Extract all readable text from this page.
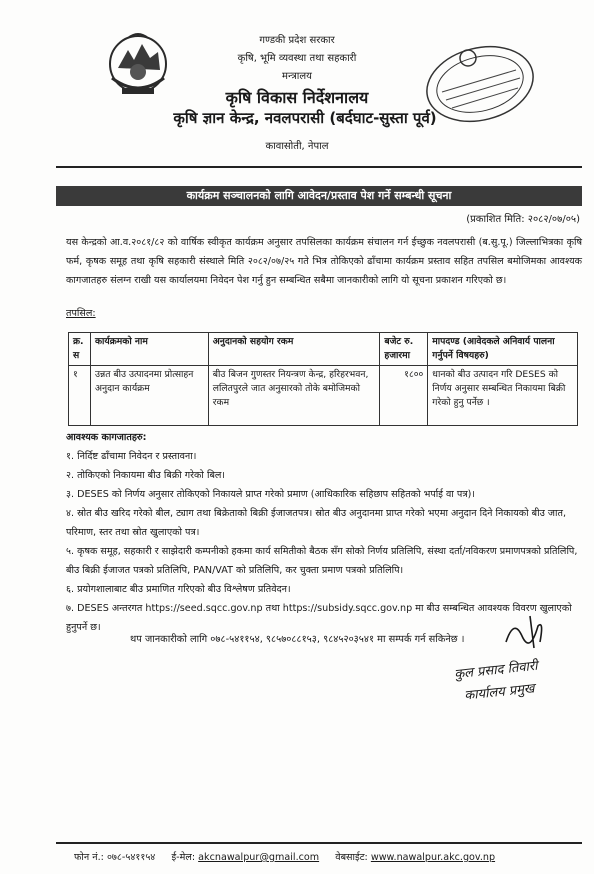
गण्डकी प्रदेश सरकार
कृषि, भूमि व्यवस्था तथा सहकारी
मन्त्रालय
कृषि विकास निर्देशनालय
कृषि ज्ञान केन्द्र, नवलपरासी (बर्दघाट-सुस्ता पूर्व)
कावासोती, नेपाल
कार्यक्रम सञ्चालनको लागि आवेदन/प्रस्ताव पेश गर्ने सम्बन्धी सूचना
(प्रकाशित मिति: २०८२/०७/०५)
यस केन्द्रको आ.व.२०८१/८२ को वार्षिक स्वीकृत कार्यक्रम अनुसार तपसिलका कार्यक्रम संचालन गर्न ईच्छुक नवलपरासी (ब.सु.पू.) जिल्लाभित्रका कृषि फर्म, कृषक समूह तथा कृषि सहकारी संस्थाले मिति २०८२/०७/२५ गते भित्र तोकिएको ढाँचामा कार्यक्रम प्रस्ताव सहित तपसिल बमोजिमका आवश्यक कागजातहरु संलग्न राखी यस कार्यालयमा निवेदन पेश गर्नु हुन सम्बन्धित सबैमा जानकारीको लागि यो सूचना प्रकाशन गरिएको छ।
तपसिल:
क्र. स	कार्यक्रमको नाम	अनुदानको सहयोग रकम	बजेट रु. हजारमा	मापदण्ड (आवेदकले अनिवार्य पालना गर्नुपर्ने विषयहरु)
१	उन्नत बीउ उत्पादनमा प्रोत्साहन अनुदान कार्यक्रम	बीउ बिजन गुणस्तर नियन्त्रण केन्द्र, हरिहरभवन, ललितपुरले जात अनुसारको तोके बमोजिमको रकम	१८००	धानको बीउ उत्पादन गरि DESES को निर्णय अनुसार सम्बन्धित निकायमा बिक्री गरेको हुनु पर्नेछ ।
आवश्यक कागजातहरु:
१. निर्दिष्ट ढाँचामा निवेदन र प्रस्तावना।
२. तोकिएको निकायमा बीउ बिक्री गरेको बिल।
३. DESES को निर्णय अनुसार तोकिएको निकायले प्राप्त गरेको प्रमाण (आधिकारिक सहिछाप सहितको भर्पाई वा पत्र)।
४. स्रोत बीउ खरिद गरेको बील, ट्याग तथा बिक्रेताको बिक्री ईजाजतपत्र। स्रोत बीउ अनुदानमा प्राप्त गरेको भएमा अनुदान दिने निकायको बीउ जात, परिमाण, स्तर तथा स्रोत खुलाएको पत्र।
५. कृषक समूह, सहकारी र साझेदारी कम्पनीको हकमा कार्य समितीको बैठक सँग सोको निर्णय प्रतिलिपि, संस्था दर्ता/नविकरण प्रमाणपत्रको प्रतिलिपि, बीउ बिक्री ईजाजत पत्रको प्रतिलिपि, PAN/VAT को प्रतिलिपि, कर चुक्ता प्रमाण पत्रको प्रतिलिपि।
६. प्रयोगशालाबाट बीउ प्रमाणित गरिएको बीउ विश्लेषण प्रतिवेदन।
७. DESES अन्तरगत https://seed.sqcc.gov.np तथा https://subsidy.sqcc.gov.np मा बीउ सम्बन्धित आवश्यक विवरण खुलाएको हुनुपर्ने छ।
थप जानकारीको लागि ०७८-५४११५४, ९८५७०८८१५३, ९८४५२०३५४१ मा सम्पर्क गर्न सकिनेछ ।
कुल प्रसाद तिवारी
कार्यालय प्रमुख
फोन नं.: ०७८-५४११५४ ई-मेल: akcnawalpur@gmail.com वेबसाईट: www.nawalpur.akc.gov.np
